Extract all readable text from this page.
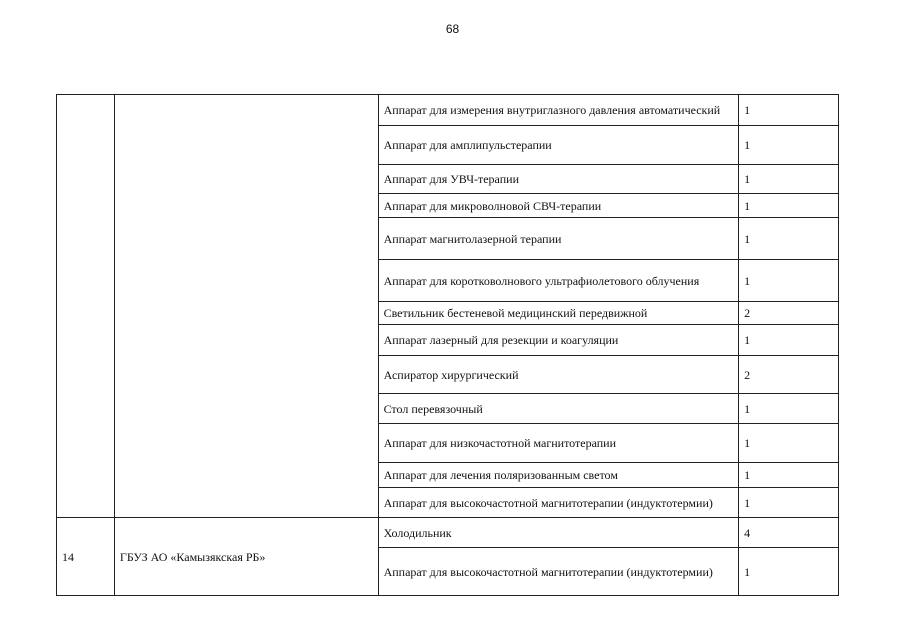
68
		Аппарат для измерения внутриглазного давления автоматический	1
		Аппарат для амплипульстерапии	1
		Аппарат для УВЧ-терапии	1
		Аппарат для микроволновой СВЧ-терапии	1
		Аппарат магнитолазерной терапии	1
		Аппарат для коротковолнового ультрафиолетового облучения	1
		Светильник бестеневой медицинский передвижной	2
		Аппарат лазерный для резекции и коагуляции	1
		Аспиратор хирургический	2
		Стол перевязочный	1
		Аппарат для низкочастотной магнитотерапии	1
		Аппарат для лечения поляризованным светом	1
		Аппарат для высокочастотной магнитотерапии (индуктотермии)	1
14	ГБУЗ АО «Камызякская РБ»	Холодильник	4
		Аппарат для высокочастотной магнитотерапии (индуктотермии)	1
